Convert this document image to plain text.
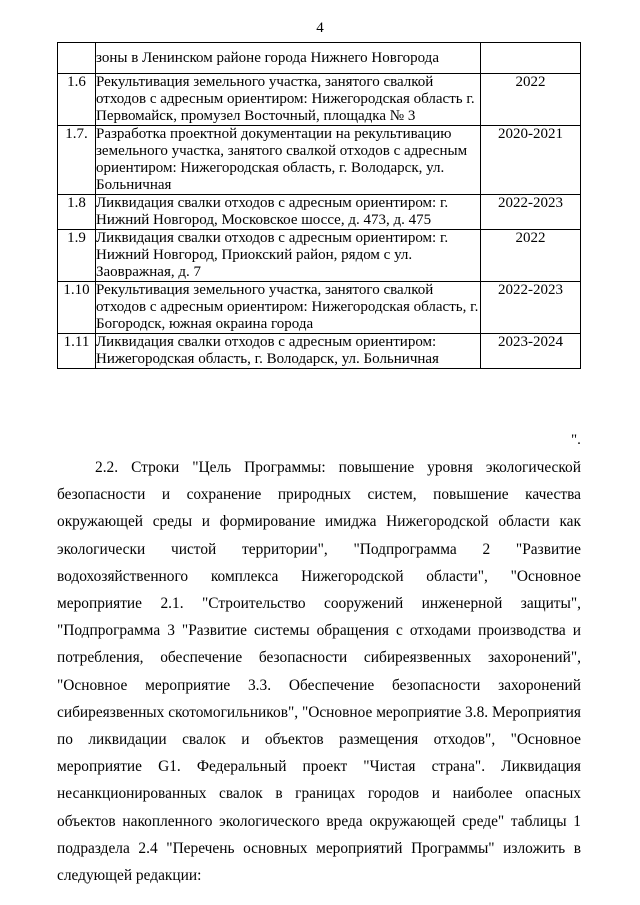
4
	зоны в Ленинском районе города Нижнего Новгорода	
1.6	Рекультивация земельного участка, занятого свалкой отходов с адресным ориентиром: Нижегородская область г. Первомайск, промузел Восточный, площадка № 3	2022
1.7.	Разработка проектной документации на рекультивацию земельного участка, занятого свалкой отходов с адресным ориентиром: Нижегородская область, г. Володарск, ул. Больничная	2020-2021
1.8	Ликвидация свалки отходов с адресным ориентиром: г. Нижний Новгород, Московское шоссе, д. 473, д. 475	2022-2023
1.9	Ликвидация свалки отходов с адресным ориентиром: г. Нижний Новгород, Приокский район, рядом с ул. Заовражная, д. 7	2022
1.10	Рекультивация земельного участка, занятого свалкой отходов с адресным ориентиром: Нижегородская область, г. Богородск, южная окраина города	2022-2023
1.11	Ликвидация свалки отходов с адресным ориентиром: Нижегородская область, г. Володарск, ул. Больничная	2023-2024
".

2.2. Строки "Цель Программы: повышение уровня экологической безопасности и сохранение природных систем, повышение качества окружающей среды и формирование имиджа Нижегородской области как экологически чистой территории", "Подпрограмма 2 "Развитие водохозяйственного комплекса Нижегородской области", "Основное мероприятие 2.1. "Строительство сооружений инженерной защиты", "Подпрограмма 3 "Развитие системы обращения с отходами производства и потребления, обеспечение безопасности сибиреязвенных захоронений", "Основное мероприятие 3.3. Обеспечение безопасности захоронений сибиреязвенных скотомогильников", "Основное мероприятие 3.8. Мероприятия по ликвидации свалок и объектов размещения отходов", "Основное мероприятие G1. Федеральный проект "Чистая страна". Ликвидация несанкционированных свалок в границах городов и наиболее опасных объектов накопленного экологического вреда окружающей среде" таблицы 1 подраздела 2.4 "Перечень основных мероприятий Программы" изложить в следующей редакции:
